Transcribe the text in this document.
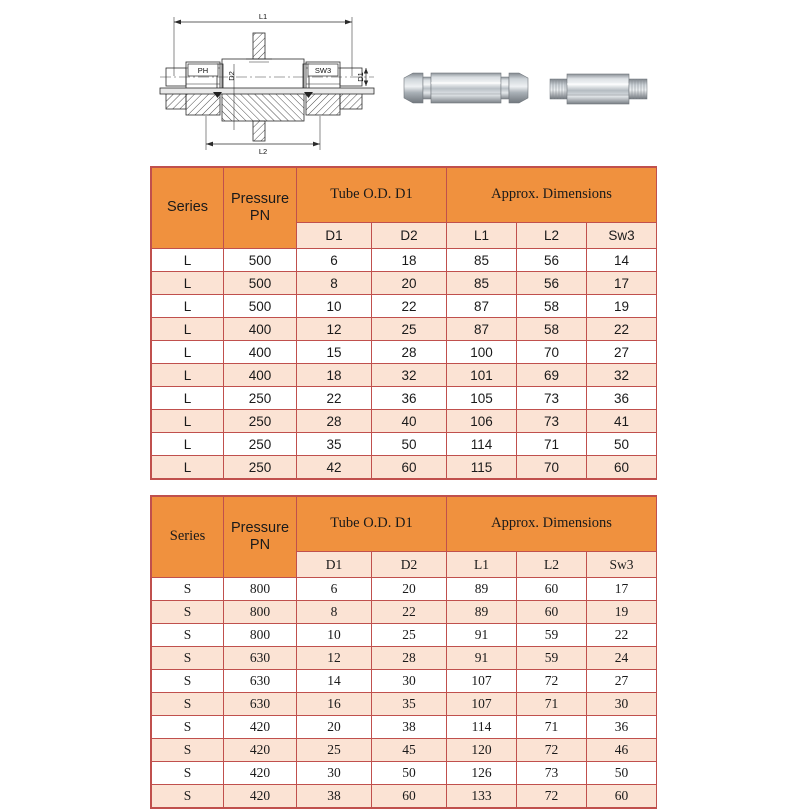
L1
L2
PH	SW3
D2	D1
Series	Pressure
PN	Tube O.D. D1		Approx. Dimensions		
		D1	D2	L1	L2	Sw3
L	500	6	18	85	56	14
L	500	8	20	85	56	17
L	500	10	22	87	58	19
L	400	12	25	87	58	22
L	400	15	28	100	70	27
L	400	18	32	101	69	32
L	250	22	36	105	73	36
L	250	28	40	106	73	41
L	250	35	50	114	71	50
L	250	42	60	115	70	60
Series	Pressure
PN	Tube O.D. D1		Approx. Dimensions		
		D1	D2	L1	L2	Sw3
S	800	6	20	89	60	17
S	800	8	22	89	60	19
S	800	10	25	91	59	22
S	630	12	28	91	59	24
S	630	14	30	107	72	27
S	630	16	35	107	71	30
S	420	20	38	114	71	36
S	420	25	45	120	72	46
S	420	30	50	126	73	50
S	420	38	60	133	72	60
